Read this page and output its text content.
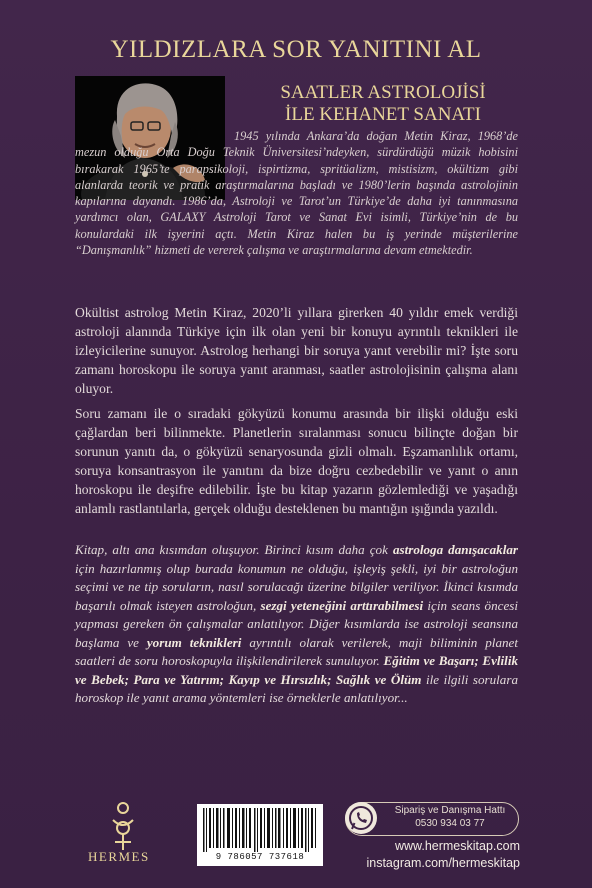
YILDIZLARA SOR YANITINI AL
SAATLER ASTROLOJİSİ
İLE KEHANET SANATI
1945 yılında Ankara’da doğan Metin Kiraz, 1968’de mezun olduğu Orta Doğu Teknik Üniversitesi’ndeyken, sürdürdüğü müzik hobisini bırakarak 1965’te parapsikoloji, ispirtizma, spritüalizm, mistisizm, okültizm gibi alanlarda teorik ve pratik araştırmalarına başladı ve 1980’lerin başında astrolojinin kapılarına dayandı. 1986’da, Astroloji ve Tarot’un Türkiye’de daha iyi tanınmasına yardımcı olan, GALAXY Astroloji Tarot ve Sanat Evi isimli, Türkiye’nin de bu konulardaki ilk işyerini açtı. Metin Kiraz halen bu iş yerinde müşterilerine “Danışmanlık” hizmeti de vererek çalışma ve araştırmalarına devam etmektedir.
Okültist astrolog Metin Kiraz, 2020’li yıllara girerken 40 yıldır emek verdiği astroloji alanında Türkiye için ilk olan yeni bir konuyu ayrıntılı teknikleri ile izleyicilerine sunuyor. Astrolog herhangi bir soruya yanıt verebilir mi? İşte soru zamanı horoskopu ile soruya yanıt aranması, saatler astrolojisinin çalışma alanı oluyor.
Soru zamanı ile o sıradaki gökyüzü konumu arasında bir ilişki olduğu eski çağlardan beri bilinmekte. Planetlerin sıralanması sonucu bilinçte doğan bir sorunun yanıtı da, o gökyüzü senaryosunda gizli olmalı. Eşzamanlılık ortamı, soruya konsantrasyon ile yanıtını da bize doğru cezbedebilir ve yanıt o anın horoskopu ile deşifre edilebilir. İşte bu kitap yazarın gözlemlediği ve yaşadığı anlamlı rastlantılarla, gerçek olduğu desteklenen bu mantığın ışığında yazıldı.
Kitap, altı ana kısımdan oluşuyor. Birinci kısım daha çok astrologa danışacaklar için hazırlanmış olup burada konumun ne olduğu, işleyiş şekli, iyi bir astroloğun seçimi ve ne tip soruların, nasıl sorulacağı üzerine bilgiler veriliyor. İkinci kısımda başarılı olmak isteyen astroloğun, sezgi yeteneğini arttırabilmesi için seans öncesi yapması gereken ön çalışmalar anlatılıyor. Diğer kısımlarda ise astroloji seansına başlama ve yorum teknikleri ayrıntılı olarak verilerek, maji biliminin planet saatleri de soru horoskopuyla ilişkilendirilerek sunuluyor. Eğitim ve Başarı; Evlilik ve Bebek; Para ve Yatırım; Kayıp ve Hırsızlık; Sağlık ve Ölüm ile ilgili sorulara horoskop ile yanıt arama yöntemleri ise örneklerle anlatılıyor...
HERMES	9 786057 737618
Sipariş ve Danışma Hattı
0530 934 03 77
www.hermeskitap.com
instagram.com/hermeskitap
